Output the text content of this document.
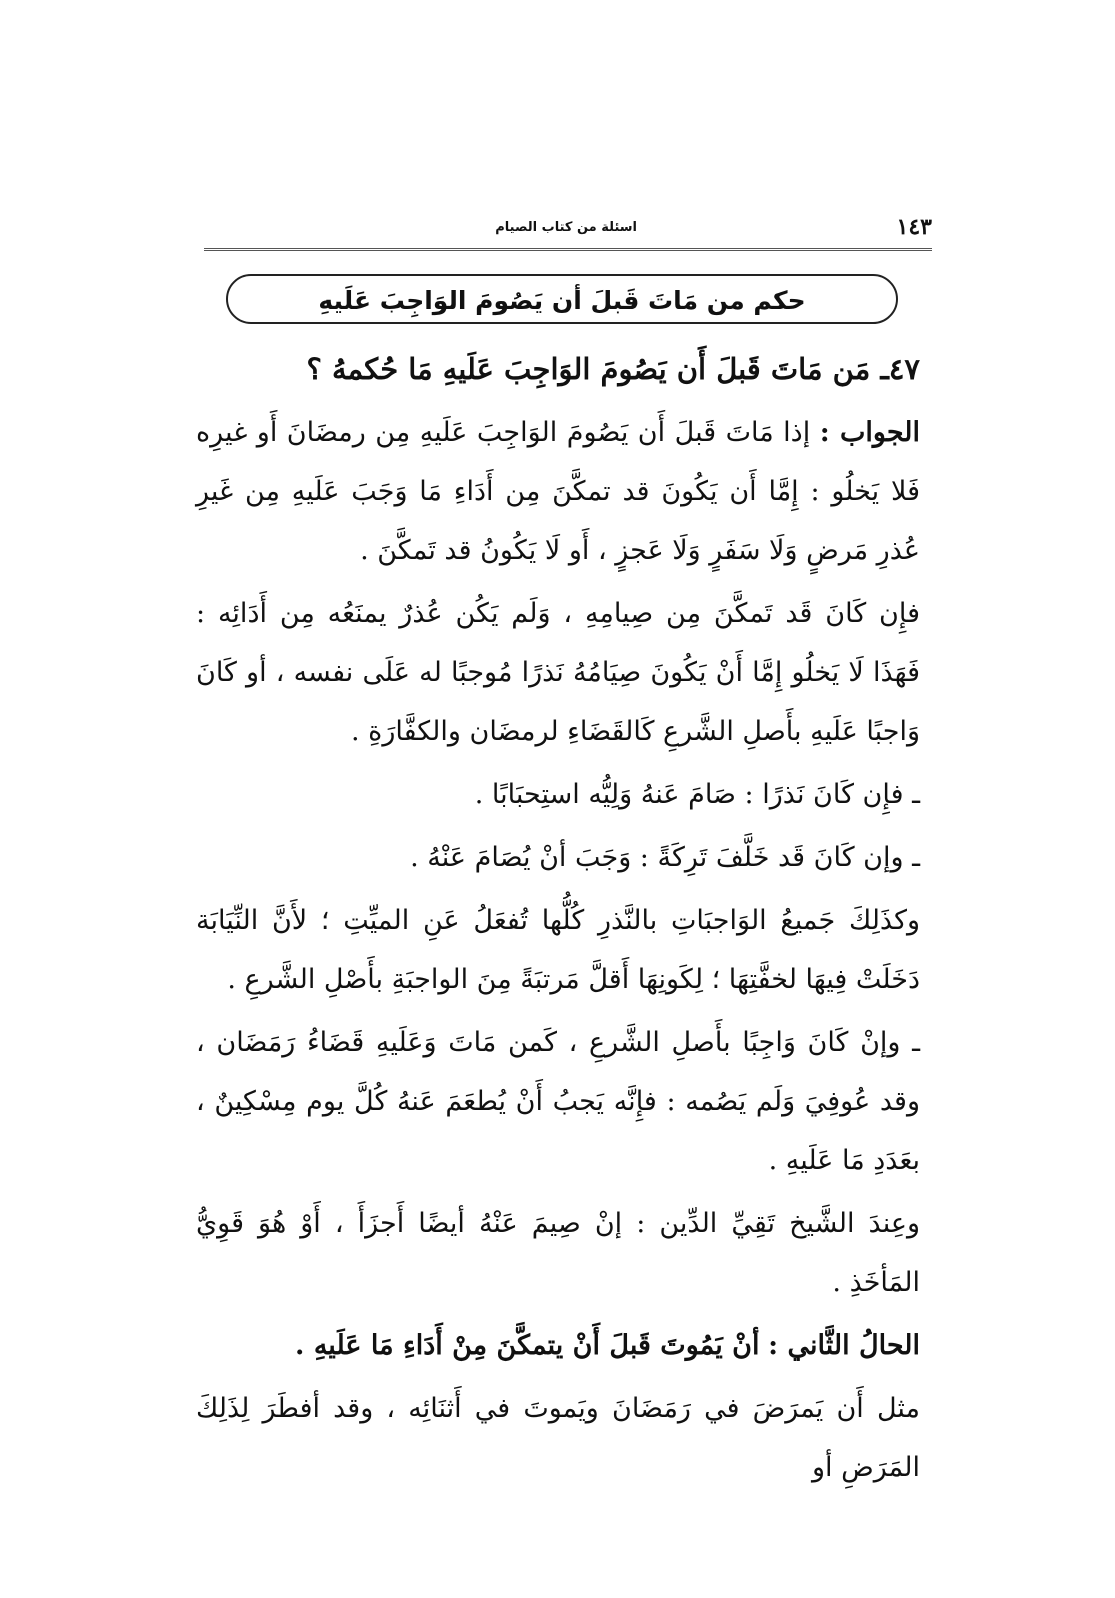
١٤٣
اسئلة من كتاب الصيام
حكم من مَاتَ قَبلَ أن يَصُومَ الوَاجِبَ عَلَيهِ

٤٧ـ مَن مَاتَ قَبلَ أَن يَصُومَ الوَاجِبَ عَلَيهِ مَا حُكمهُ ؟

الجواب : إذا مَاتَ قَبلَ أَن يَصُومَ الوَاجِبَ عَلَيهِ مِن رمضَانَ أَو غيرِه فَلا يَخلُو : إِمَّا أَن يَكُونَ قد تمكَّنَ مِن أَدَاءِ مَا وَجَبَ عَلَيهِ مِن غَيرِ عُذرِ مَرضٍ وَلَا سَفَرٍ وَلَا عَجزٍ ، أَو لَا يَكُونُ قد تَمكَّنَ .

فإِن كَانَ قَد تَمكَّنَ مِن صِيامِهِ ، وَلَم يَكُن عُذرٌ يمنَعُه مِن أَدَائِه : فَهَذَا لَا يَخلُو إِمَّا أَنْ يَكُونَ صِيَامُهُ نَذرًا مُوجبًا له عَلَى نفسه ، أو كَانَ وَاجبًا عَلَيهِ بأَصلِ الشَّرعِ كَالقَضَاءِ لرمضَان والكفَّارَةِ .

ـ فإِن كَانَ نَذرًا : صَامَ عَنهُ وَلِيُّه استِحبَابًا .

ـ وإن كَانَ قَد خَلَّفَ تَرِكَةً : وَجَبَ أنْ يُصَامَ عَنْهُ .

وكذَلِكَ جَميعُ الوَاجبَاتِ بالنَّذرِ كُلُّها تُفعَلُ عَنِ الميِّتِ ؛ لأَنَّ النِّيَابَة دَخَلَتْ فِيهَا لخفَّتِهَا ؛ لِكَونِهَا أَقلَّ مَرتبَةً مِنَ الواجبَةِ بأَصْلِ الشَّرعِ .

ـ وإنْ كَانَ وَاجِبًا بأَصلِ الشَّرعِ ، كَمن مَاتَ وَعَلَيهِ قَضَاءُ رَمَضَان ، وقد عُوفِيَ وَلَم يَصُمه : فإِنَّه يَجبُ أَنْ يُطعَمَ عَنهُ كُلَّ يوم مِسْكِينٌ ، بعَدَدِ مَا عَلَيهِ .

وعِندَ الشَّيخ تَقِيِّ الدِّين : إنْ صِيمَ عَنْهُ أيضًا أَجزَأَ ، أَوْ هُوَ قَوِيُّ المَأخَذِ .

الحالُ الثَّاني : أنْ يَمُوتَ قَبلَ أَنْ يتمكَّنَ مِنْ أَدَاءِ مَا عَلَيهِ .

مثل أَن يَمرَضَ في رَمَضَانَ ويَموتَ في أَثنَائِه ، وقد أفطَرَ لِذَلِكَ المَرَضِ أو
